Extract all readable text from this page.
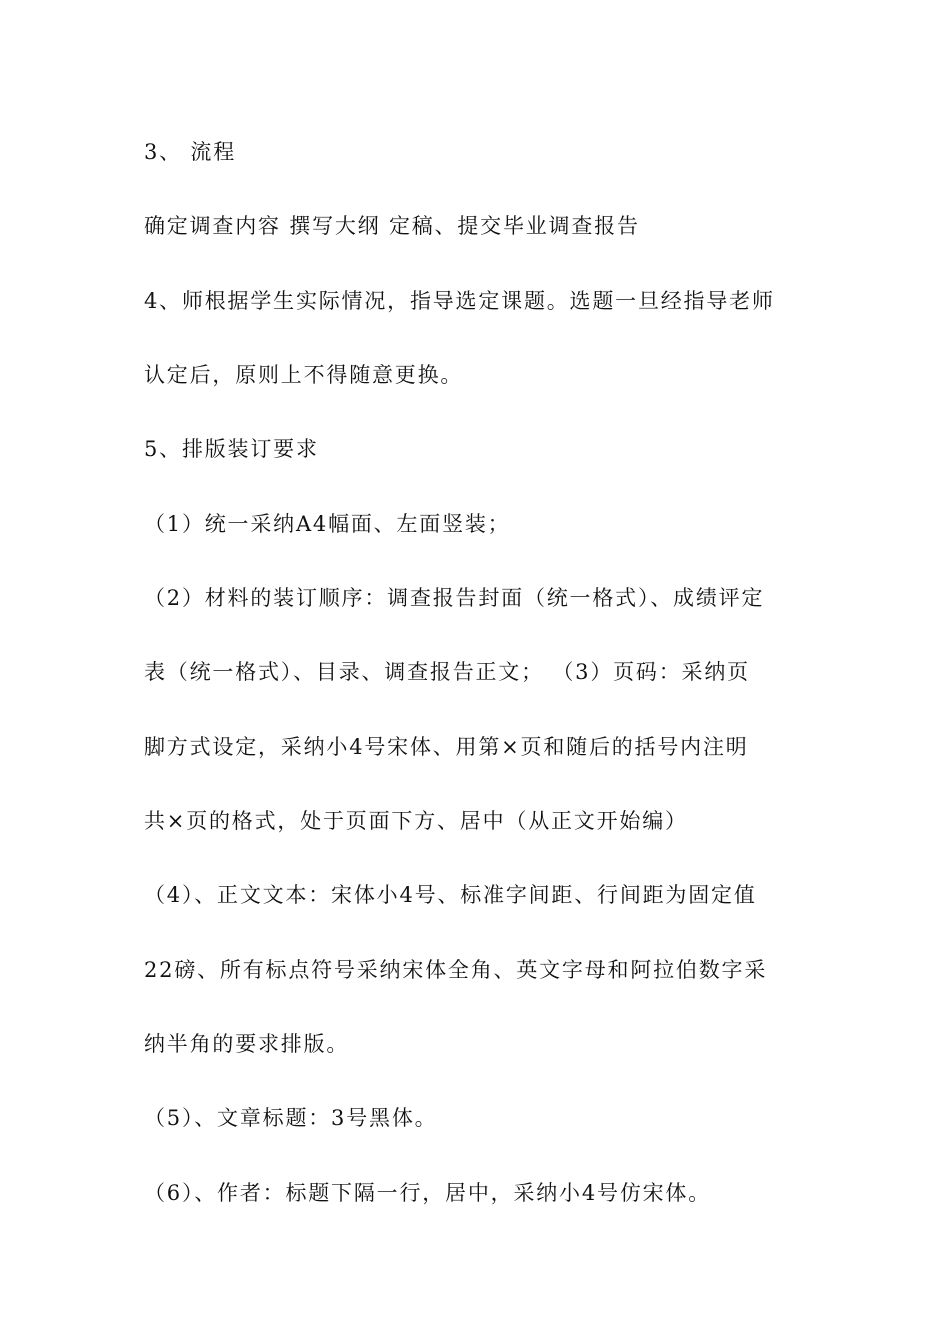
3、 流程
确定调查内容 撰写大纲 定稿、提交毕业调查报告
4、师根据学生实际情况，指导选定课题。选题一旦经指导老师
认定后，原则上不得随意更换。
5、排版装订要求
（1）统一采纳A4幅面、左面竖装；
（2）材料的装订顺序：调查报告封面（统一格式）、成绩评定
表（统一格式）、目录、调查报告正文； （3）页码：采纳页
脚方式设定，采纳小4号宋体、用第×页和随后的括号内注明
共×页的格式，处于页面下方、居中（从正文开始编）
（4）、正文文本：宋体小4号、标准字间距、行间距为固定值
22磅、所有标点符号采纳宋体全角、英文字母和阿拉伯数字采
纳半角的要求排版。
（5）、文章标题：3号黑体。
（6）、作者：标题下隔一行，居中，采纳小4号仿宋体。
